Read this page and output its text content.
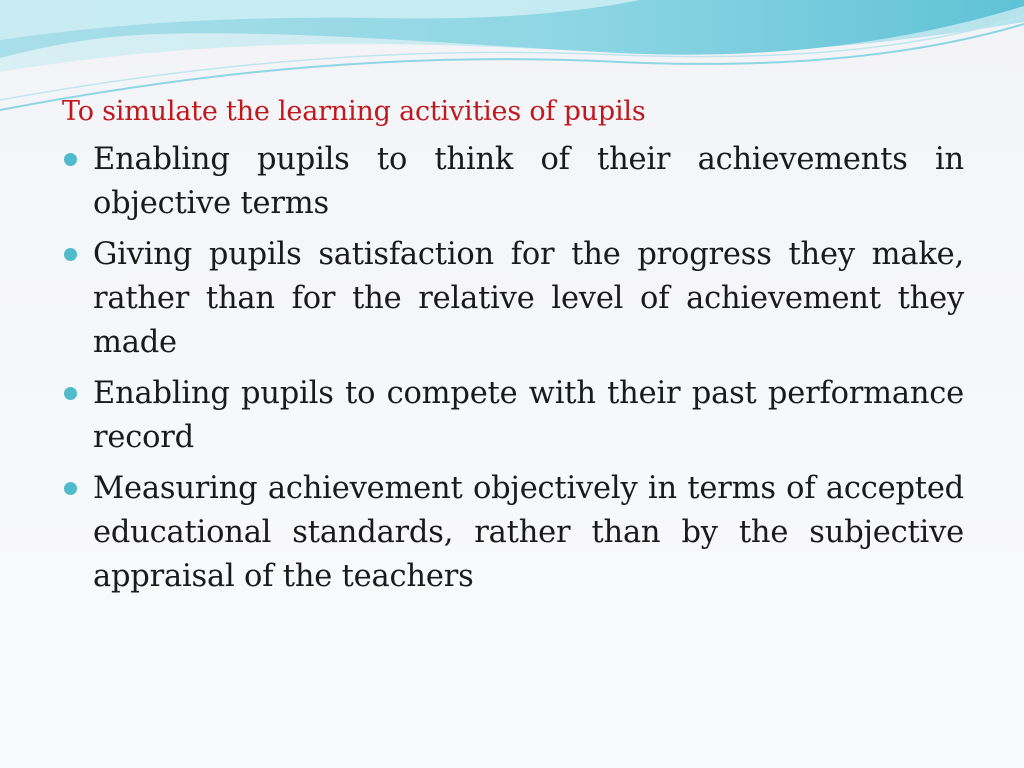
To simulate the learning activities of pupils
Enabling pupils to think of their achievements in objective terms
Giving pupils satisfaction for the progress they make, rather than for the relative level of achievement they made
Enabling pupils to compete with their past performance record
Measuring achievement objectively in terms of accepted educational standards, rather than by the subjective appraisal of the teachers
